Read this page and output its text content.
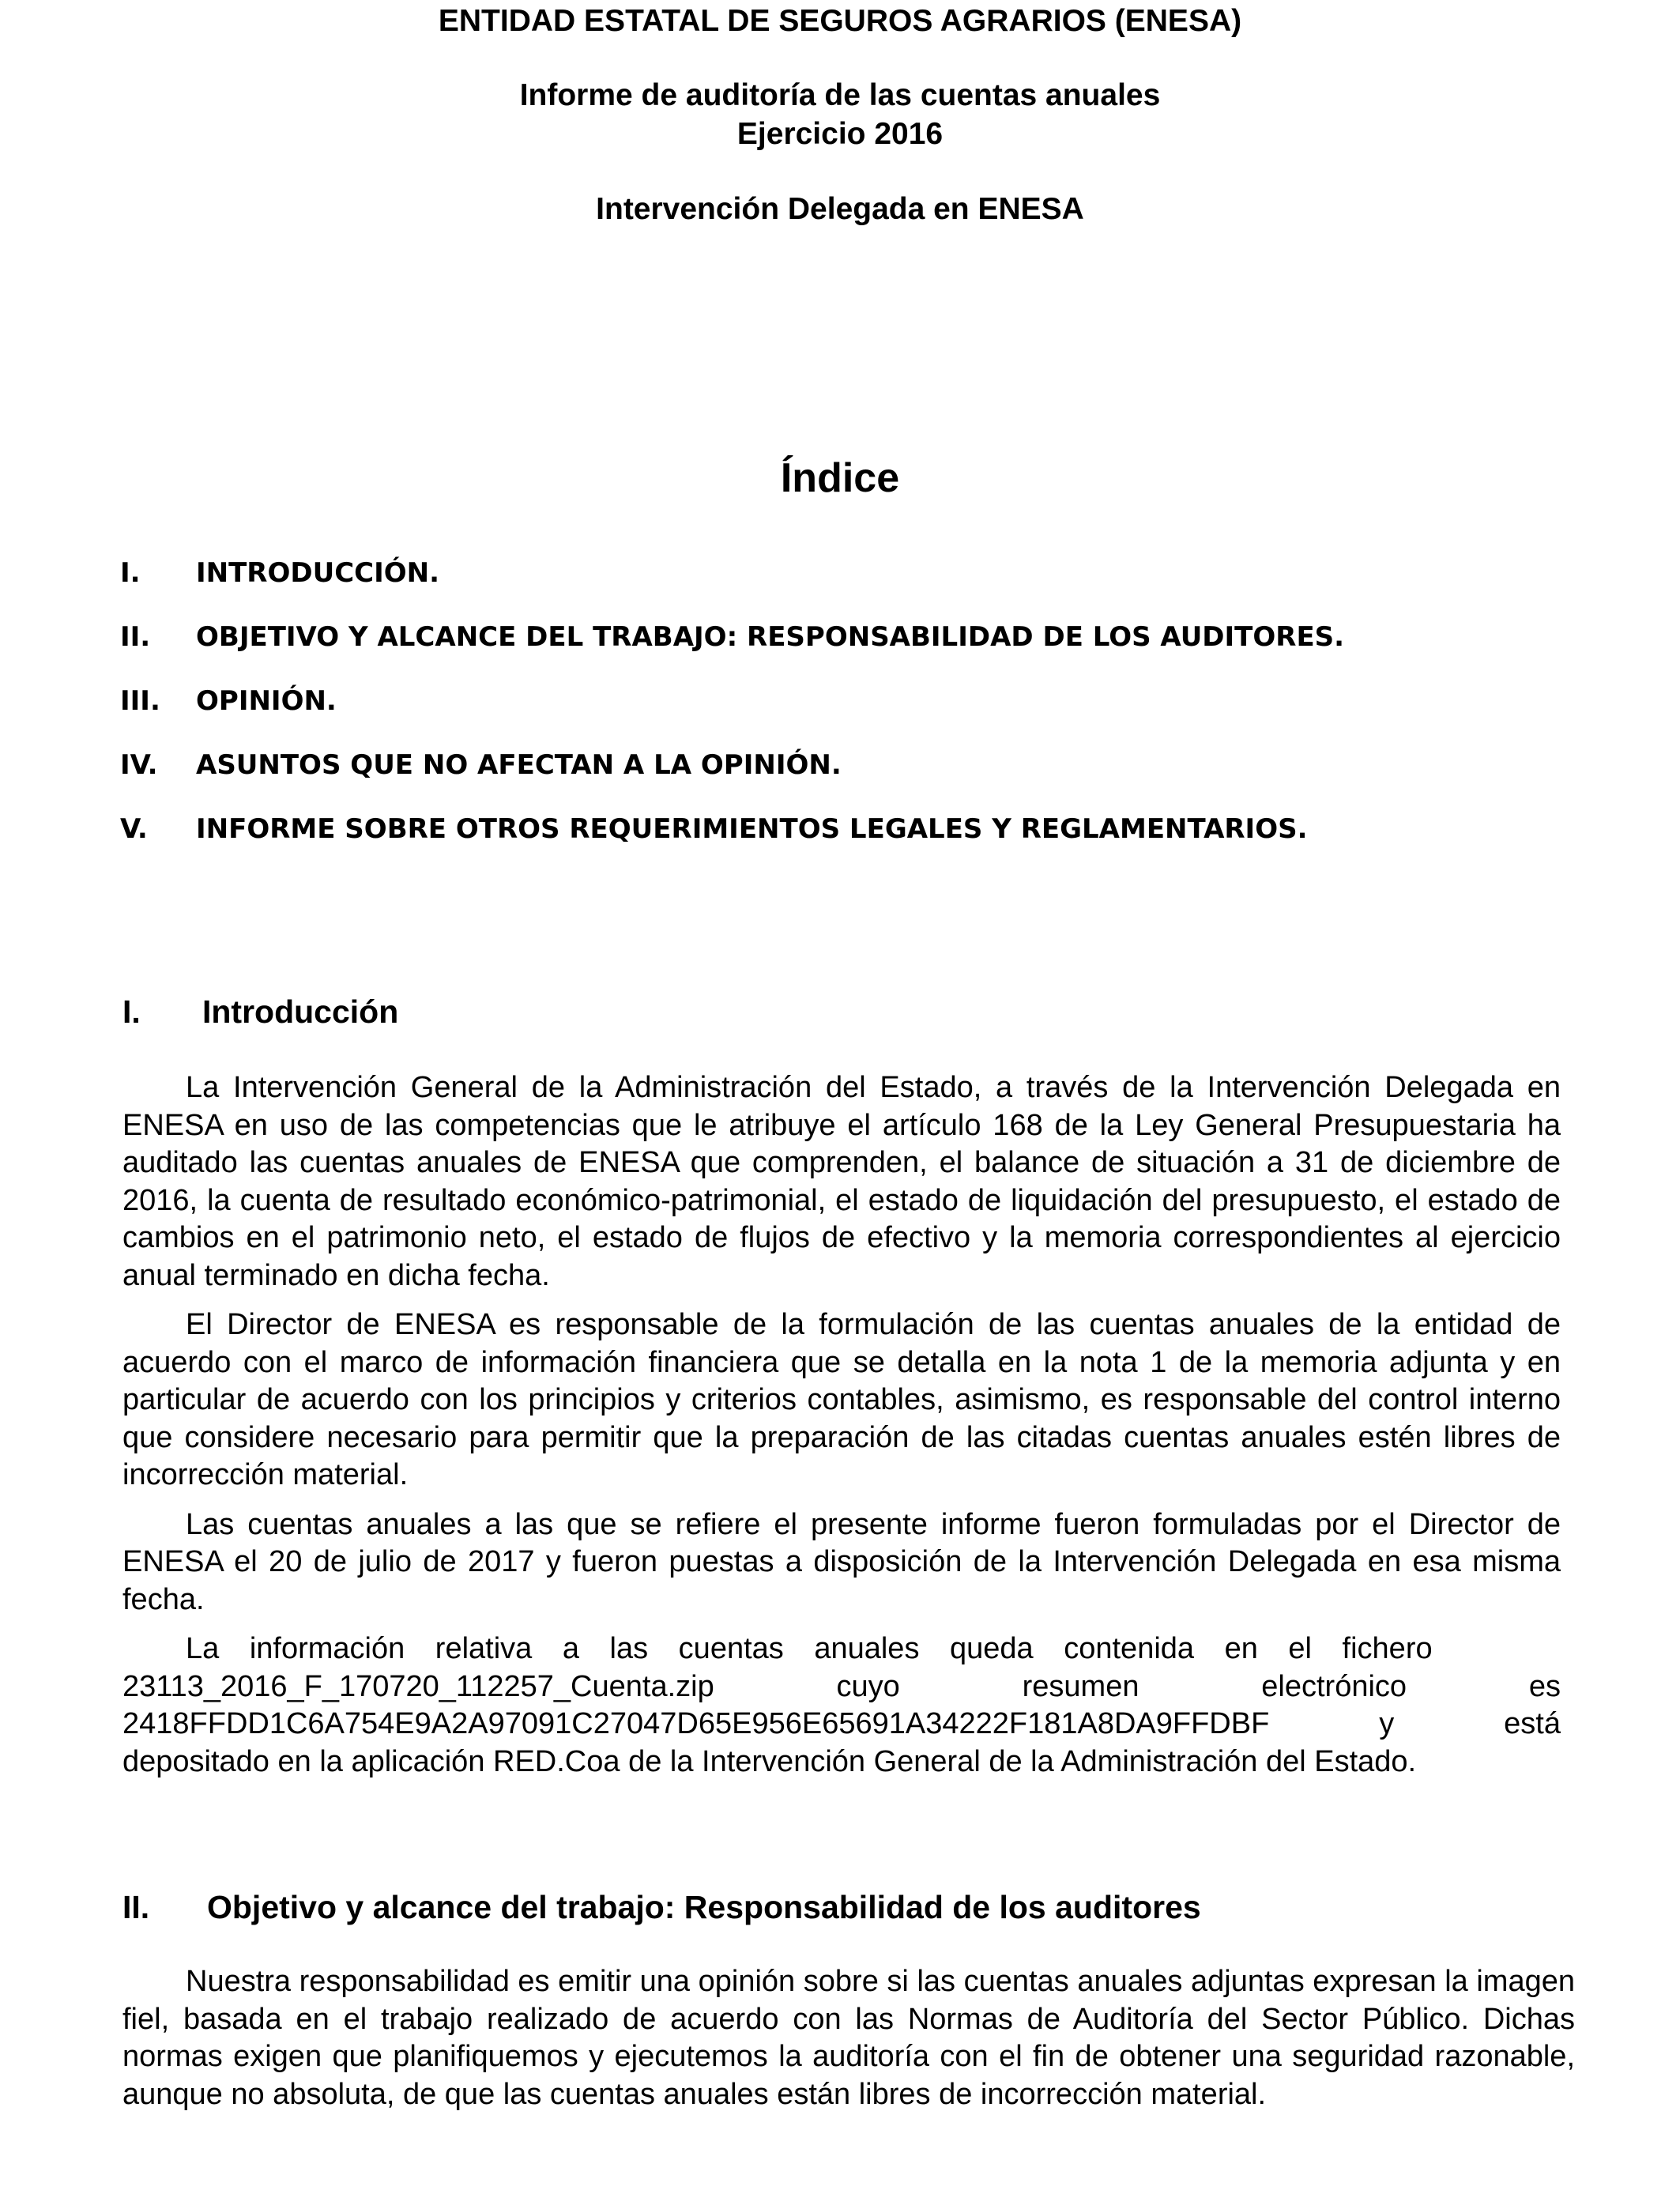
ENTIDAD ESTATAL DE SEGUROS AGRARIOS (ENESA)
Informe de auditoría de las cuentas anuales
Ejercicio 2016
Intervención Delegada en ENESA
Índice
I.	INTRODUCCIÓN.
II.	OBJETIVO Y ALCANCE DEL TRABAJO: RESPONSABILIDAD DE LOS AUDITORES.
III.	OPINIÓN.
IV.	ASUNTOS QUE NO AFECTAN A LA OPINIÓN.
V.	INFORME SOBRE OTROS REQUERIMIENTOS LEGALES Y REGLAMENTARIOS.
I.	Introducción

La Intervención General de la Administración del Estado, a través de la Intervención Delegada en ENESA en uso de las competencias que le atribuye el artículo 168 de la Ley General Presupuestaria ha auditado las cuentas anuales de ENESA que comprenden, el balance de situación a 31 de diciembre de 2016, la cuenta de resultado económico-patrimonial, el estado de liquidación del presupuesto, el estado de cambios en el patrimonio neto, el estado de flujos de efectivo y la memoria correspondientes al ejercicio anual terminado en dicha fecha.

El Director de ENESA es responsable de la formulación de las cuentas anuales de la entidad de acuerdo con el marco de información financiera que se detalla en la nota 1 de la memoria adjunta y en particular de acuerdo con los principios y criterios contables, asimismo, es responsable del control interno que considere necesario para permitir que la preparación de las citadas cuentas anuales estén libres de incorrección material.

Las cuentas anuales a las que se refiere el presente informe fueron formuladas por el Director de ENESA el 20 de julio de 2017 y fueron puestas a disposición de la Intervención Delegada en esa misma fecha.

La información relativa a las cuentas anuales queda contenida en el fichero
23113_2016_F_170720_112257_Cuenta.zip	cuyo	resumen	electrónico	es
2418FFDD1C6A754E9A2A97091C27047D65E956E65691A34222F181A8DA9FFDBF	y	está
depositado en la aplicación RED.Coa de la Intervención General de la Administración del Estado.
II.	Objetivo y alcance del trabajo: Responsabilidad de los auditores

Nuestra responsabilidad es emitir una opinión sobre si las cuentas anuales adjuntas expresan la imagen fiel, basada en el trabajo realizado de acuerdo con las Normas de Auditoría del Sector Público. Dichas normas exigen que planifiquemos y ejecutemos la auditoría con el fin de obtener una seguridad razonable, aunque no absoluta, de que las cuentas anuales están libres de incorrección material.
